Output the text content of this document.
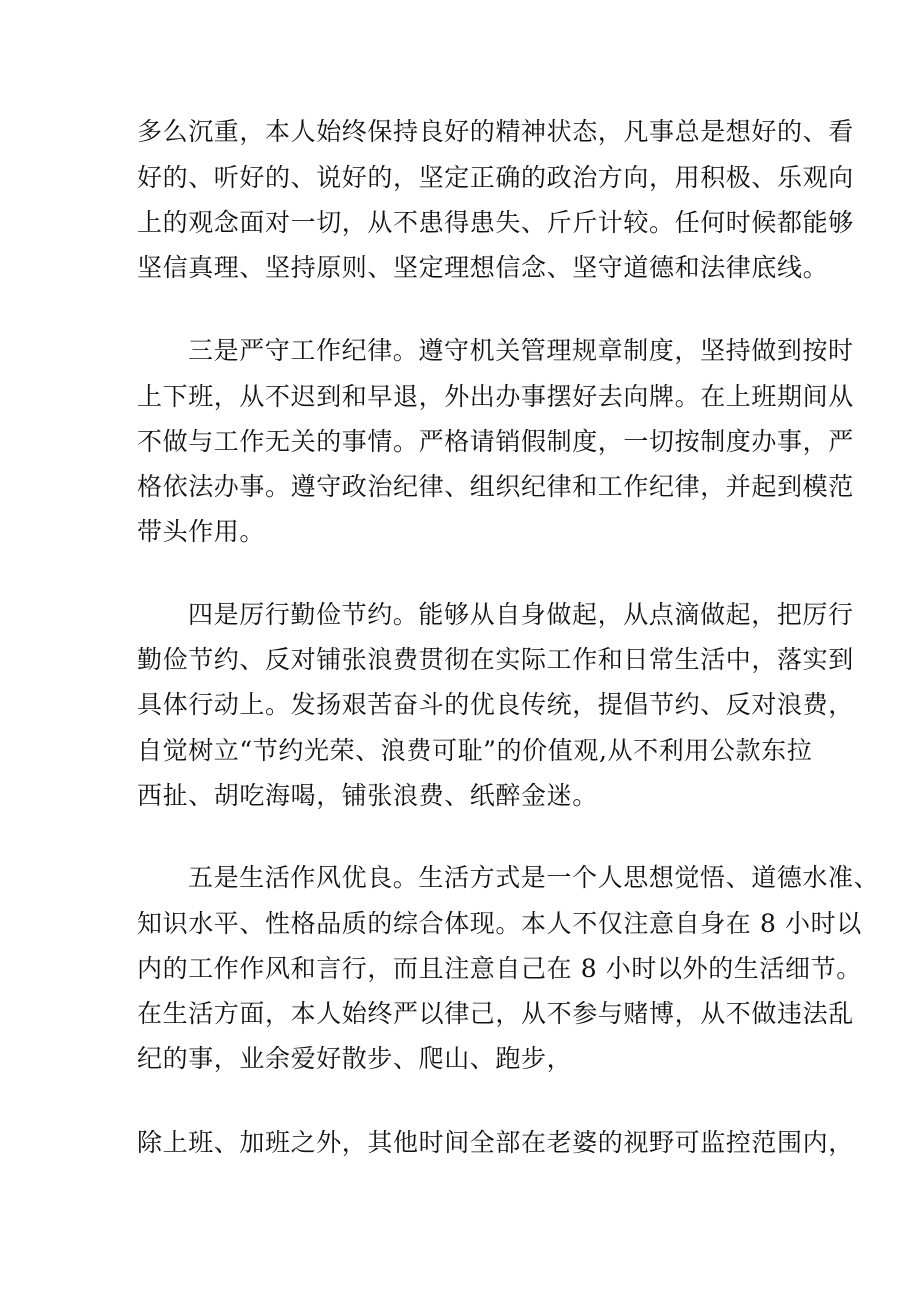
多么沉重，本人始终保持良好的精神状态，凡事总是想好的、看
好的、听好的、说好的，坚定正确的政治方向，用积极、乐观向
上的观念面对一切，从不患得患失、斤斤计较。任何时候都能够
坚信真理、坚持原则、坚定理想信念、坚守道德和法律底线。
三是严守工作纪律。遵守机关管理规章制度，坚持做到按时
上下班，从不迟到和早退，外出办事摆好去向牌。在上班期间从
不做与工作无关的事情。严格请销假制度，一切按制度办事，严
格依法办事。遵守政治纪律、组织纪律和工作纪律，并起到模范
带头作用。
四是厉行勤俭节约。能够从自身做起，从点滴做起，把厉行
勤俭节约、反对铺张浪费贯彻在实际工作和日常生活中，落实到
具体行动上。发扬艰苦奋斗的优良传统，提倡节约、反对浪费，
自觉树立“节约光荣、浪费可耻”的价值观,从不利用公款东拉
西扯、胡吃海喝，铺张浪费、纸醉金迷。
五是生活作风优良。生活方式是一个人思想觉悟、道德水准、
知识水平、性格品质的综合体现。本人不仅注意自身在 8 小时以
内的工作作风和言行，而且注意自己在 8 小时以外的生活细节。
在生活方面，本人始终严以律己，从不参与赌博，从不做违法乱
纪的事，业余爱好散步、爬山、跑步，
除上班、加班之外，其他时间全部在老婆的视野可监控范围内，
